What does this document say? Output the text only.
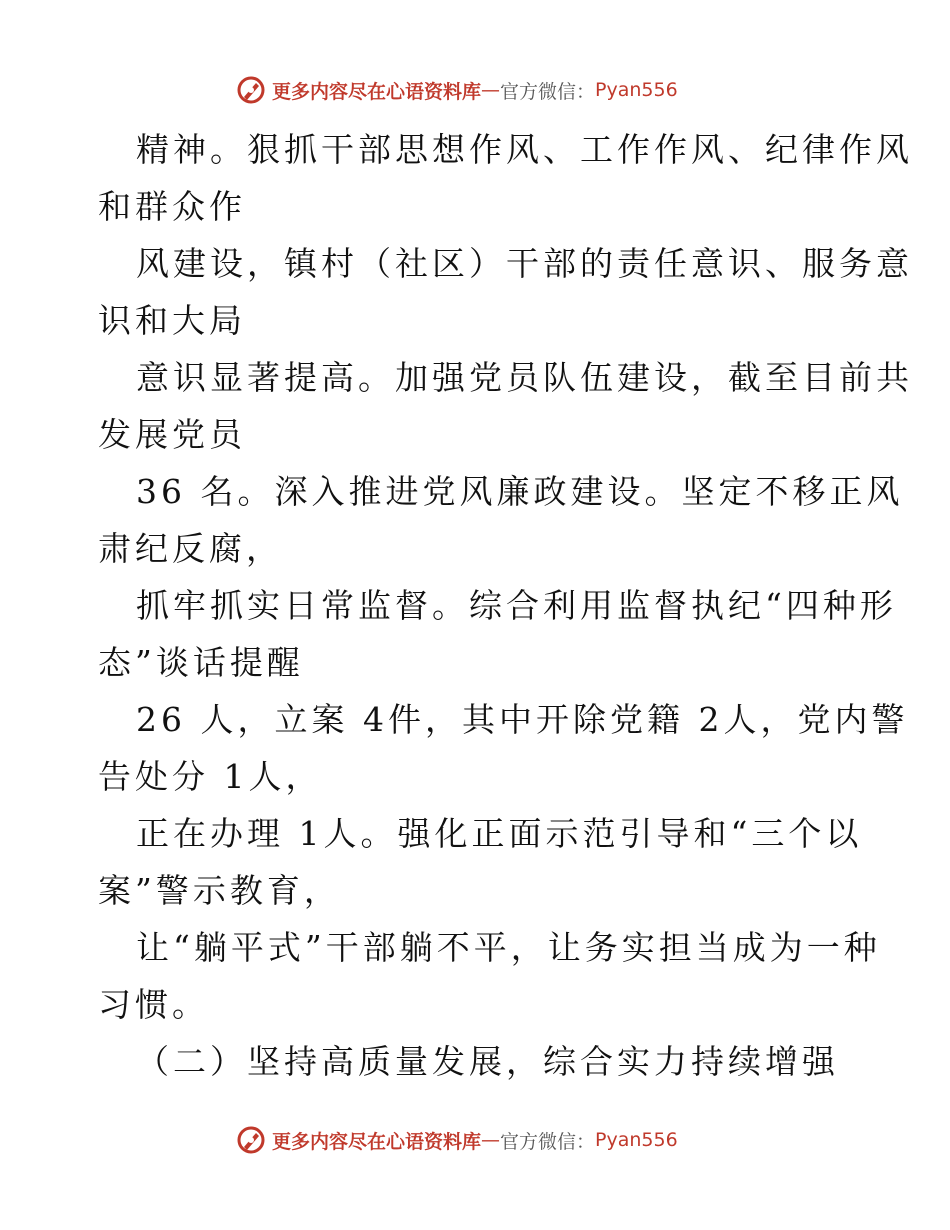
更多内容尽在心语资料库 — 官方微信： Pyan556
精神。狠抓干部思想作风、工作作风、纪律作风
和群众作
风建设，镇村（社区）干部的责任意识、服务意
识和大局
意识显著提高。加强党员队伍建设，截至目前共
发展党员
36 名。深入推进党风廉政建设。坚定不移正风
肃纪反腐，
抓牢抓实日常监督。综合利用监督执纪“四种形
态”谈话提醒
26 人，立案 4件，其中开除党籍 2人，党内警
告处分 1人，
正在办理 1人。强化正面示范引导和“三个以
案”警示教育，
让“躺平式”干部躺不平，让务实担当成为一种
习惯。
（二）坚持高质量发展，综合实力持续增强
更多内容尽在心语资料库 — 官方微信： Pyan556
